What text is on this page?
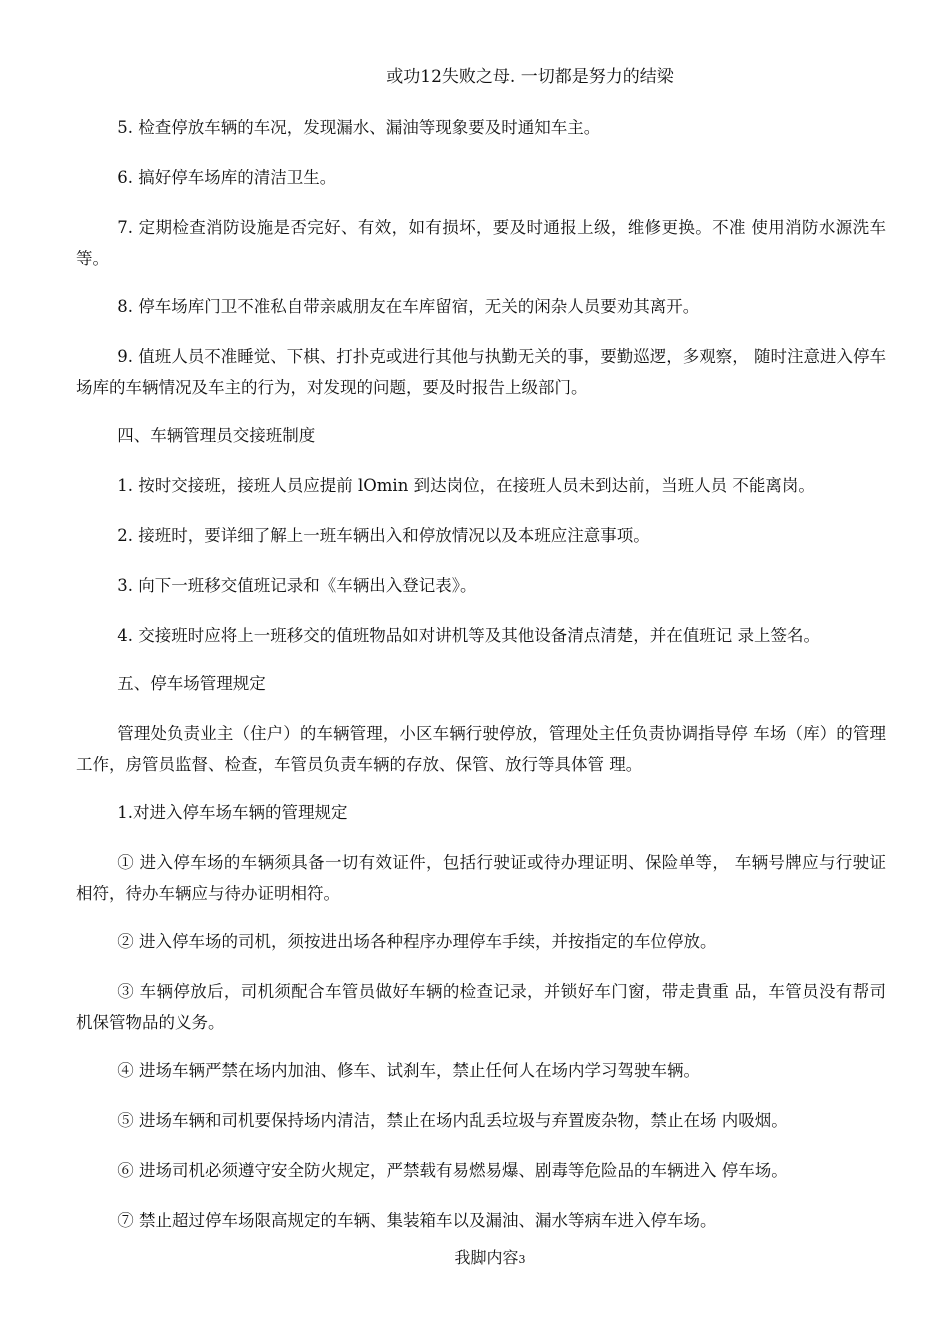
或功12失败之母. 一切都是努力的结梁

5. 检查停放车辆的车况，发现漏水、漏油等现象要及时通知车主。

6. 搞好停车场库的清洁卫生。

7. 定期检查消防设施是否完好、有效，如有损坏，要及时通报上级，维修更换。不准 使用消防水源洗车等。

8. 停车场库门卫不准私自带亲戚朋友在车库留宿，无关的闲杂人员要劝其离开。

9. 值班人员不准睡觉、下棋、打扑克或进行其他与执勤无关的事，要勤巡逻，多观察， 随时注意进入停车场库的车辆情况及车主的行为，对发现的问题，要及时报告上级部门。

四、车辆管理员交接班制度

1. 按时交接班，接班人员应提前 lOmin 到达岗位，在接班人员未到达前，当班人员 不能离岗。

2. 接班时，要详细了解上一班车辆出入和停放情况以及本班应注意事项。

3. 向下一班移交值班记录和《车辆出入登记表》。

4. 交接班时应将上一班移交的值班物品如对讲机等及其他设备清点清楚，并在值班记 录上签名。

五、停车场管理规定

管理处负责业主（住户）的车辆管理，小区车辆行驶停放，管理处主任负责协调指导停 车场（库）的管理工作，房管员监督、检查，车管员负责车辆的存放、保管、放行等具体管 理。

1.对进入停车场车辆的管理规定

① 进入停车场的车辆须具备一切有效证件，包括行驶证或待办理证明、保险单等， 车辆号牌应与行驶证相符，待办车辆应与待办证明相符。

② 进入停车场的司机，须按进出场各种程序办理停车手续，并按指定的车位停放。

③ 车辆停放后，司机须配合车管员做好车辆的检查记录，并锁好车门窗，带走貴重 品，车管员没有帮司机保管物品的义务。

④ 进场车辆严禁在场内加油、修车、试刹车，禁止任何人在场内学习驾驶车辆。

⑤ 进场车辆和司机要保持场内清洁，禁止在场内乱丢垃圾与弃置废杂物，禁止在场 内吸烟。

⑥ 进场司机必须遵守安全防火规定，严禁载有易燃易爆、剧毒等危险品的车辆进入 停车场。

⑦ 禁止超过停车场限高规定的车辆、集装箱车以及漏油、漏水等病车进入停车场。

我脚内容3
